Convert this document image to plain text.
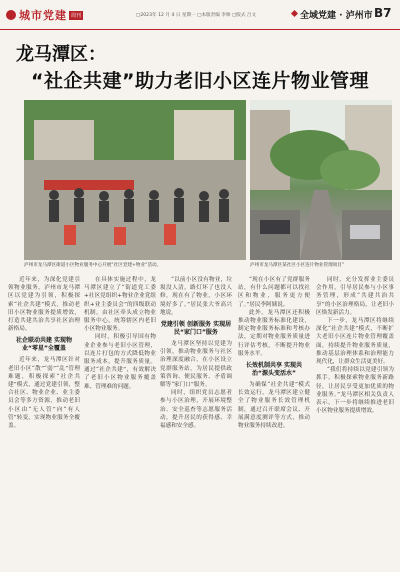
城市党建 周刊	□2023年 12 月 4 日 星期一 □本版责编 李帅 □版式 吕文	全域党建 · 泸州市 B7
龙马潭区：
“社企共建”助力老旧小区连片物业管理
泸州市龙马潭区街道小区物业服务中心开展“社区党建+物业”活动。	泸州市龙马潭区某社区小区连片物业管理项目”
近年来，为深化党建引领物业服务，泸州市龙马潭区以党建为引领，积极探索“社企共建”模式，推动老旧小区物业服务提质增效，打造共建共治共享社区治理新格局。
社企联动共建 实现物业“零星”全覆盖
近年来，龙马潭区针对老旧小区“散”“弱”“乱”管理难题，积极探索“社企共建”模式，通过党建引领，整合社区、物业企业、业主委员会等多方资源，推动老旧小区由“无人管”向“有人管”转变，实现物业服务全覆盖。
在具体实施过程中，龙马潭区建立了“街道党工委+社区党组织+物业企业党组织+业主委员会”的四级联动机制，由社区牵头成立物业服务中心，统筹辖区内老旧小区物业服务。
同时，积极引导国有物业企业参与老旧小区管理，以连片打包的方式降低物业服务成本，提升服务质量。通过“社企共建”，有效解决了老旧小区物业服务覆盖难、管理难的问题。
“以前小区没有物业，垃圾没人清，路灯坏了也没人修，现在有了物业，小区环境好多了。”居民张大爷高兴地说。
党建引领 创新服务 实现居民“家门口”服务
龙马潭区坚持以党建为引领，推动物业服务与社区治理深度融合，在小区设立党群服务站，为居民提供政策咨询、便民服务、矛盾调解等“家门口”服务。
同时，组织党员志愿者参与小区治理，开展环境整治、安全巡查等志愿服务活动，提升居民的获得感、幸福感和安全感。
“现在小区有了党群服务站，有什么问题都可以找社区和物业，服务更方便了。”居民李阿姨说。
此外，龙马潭区还积极推动物业服务标准化建设，制定物业服务标准和考核办法，定期对物业服务质量进行评估考核，不断提升物业服务水平。
长效机制共享 实现共治“源头变活水”
为确保“社企共建”模式长效运行，龙马潭区建立健全了物业服务长效管理机制，通过召开联席会议、开展满意度测评等方式，推动物业服务持续改进。
同时，充分发挥业主委员会作用，引导居民参与小区事务管理，形成“共建共治共享”的小区治理格局，让老旧小区焕发新活力。
下一步，龙马潭区将继续深化“社企共建”模式，不断扩大老旧小区连片物业管理覆盖面，持续提升物业服务质量，推动基层治理体系和治理能力现代化，让群众生活更美好。
“我们将持续以党建引领为抓手，积极探索物业服务新路径，让居民享受更加优质的物业服务。”龙马潭区相关负责人表示，下一步将继续推进老旧小区物业服务提质增效。
